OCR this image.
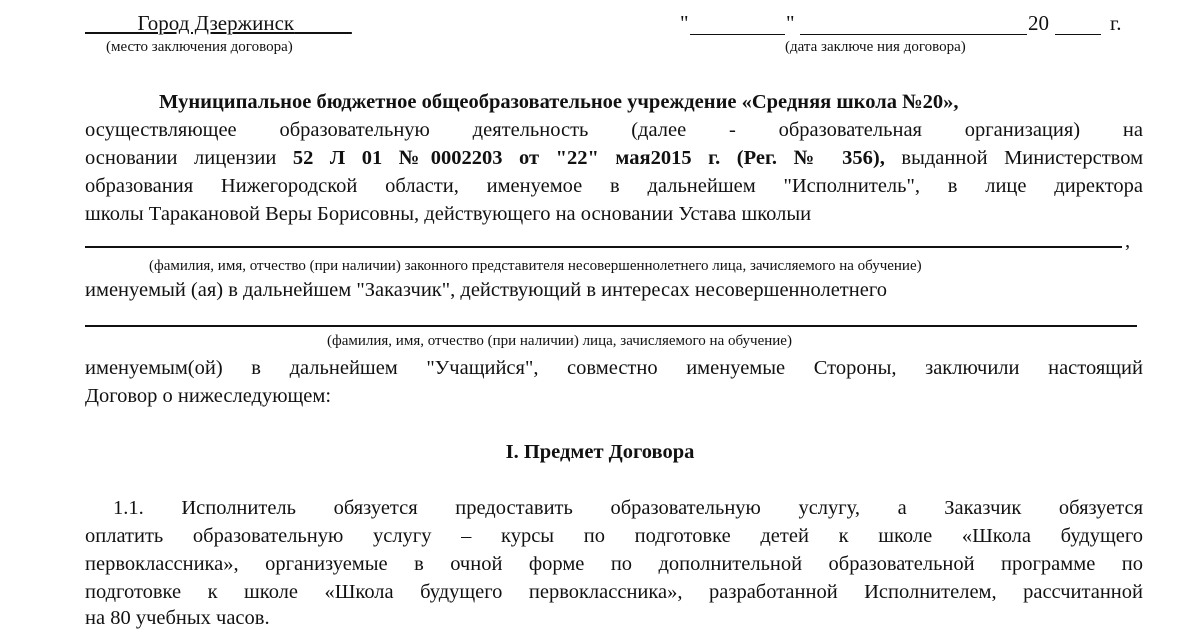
Город Дзержинск
(место заключения договора)
"	"	20	г.
(дата заключе ния договора)
Муниципальное бюджетное общеобразовательное учреждение «Средняя школа №20»,
осуществляющее образовательную деятельность (далее - образовательная организация) на
основании лицензии 52 Л 01 №0002203 от "22" мая2015 г. (Рег. № 356), выданной Министерством
образования Нижегородской области, именуемое в дальнейшем "Исполнитель", в лице директора
школы Таракановой Веры Борисовны, действующего на основании Устава школыи
,
(фамилия, имя, отчество (при наличии) законного представителя несовершеннолетнего лица, зачисляемого на обучение)
именуемый (ая) в дальнейшем "Заказчик", действующий в интересах несовершеннолетнего
(фамилия, имя, отчество (при наличии) лица, зачисляемого на обучение)
именуемым(ой) в дальнейшем "Учащийся", совместно именуемые Стороны, заключили настоящий
Договор о нижеследующем:
I. Предмет Договора
1.1. Исполнитель обязуется предоставить образовательную услугу, а Заказчик обязуется
оплатить образовательную услугу – курсы по подготовке детей к школе «Школа будущего
первоклассника», организуемые в очной форме по дополнительной образовательной программе по
подготовке к школе «Школа будущего первоклассника», разработанной Исполнителем, рассчитанной
на 80 учебных часов.
